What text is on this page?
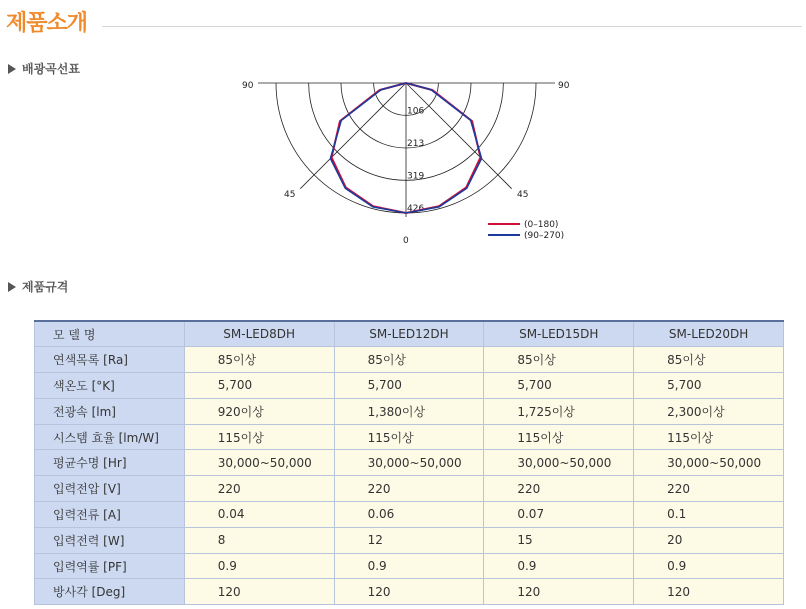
제품소개
배광곡선표
106
213
319
426
90	90
45	45
0
(0–180)
(90–270)
제품규격
모 델 명	SM-LED8DH	SM-LED12DH	SM-LED15DH	SM-LED20DH
연색목록 [Ra]	85이상	85이상	85이상	85이상
색온도 [°K]	5,700	5,700	5,700	5,700
전광속 [lm]	920이상	1,380이상	1,725이상	2,300이상
시스템 효율 [lm/W]	115이상	115이상	115이상	115이상
평균수명 [Hr]	30,000~50,000	30,000~50,000	30,000~50,000	30,000~50,000
입력전압 [V]	220	220	220	220
입력전류 [A]	0.04	0.06	0.07	0.1
입력전력 [W]	8	12	15	20
입력역률 [PF]	0.9	0.9	0.9	0.9
방사각 [Deg]	120	120	120	120
